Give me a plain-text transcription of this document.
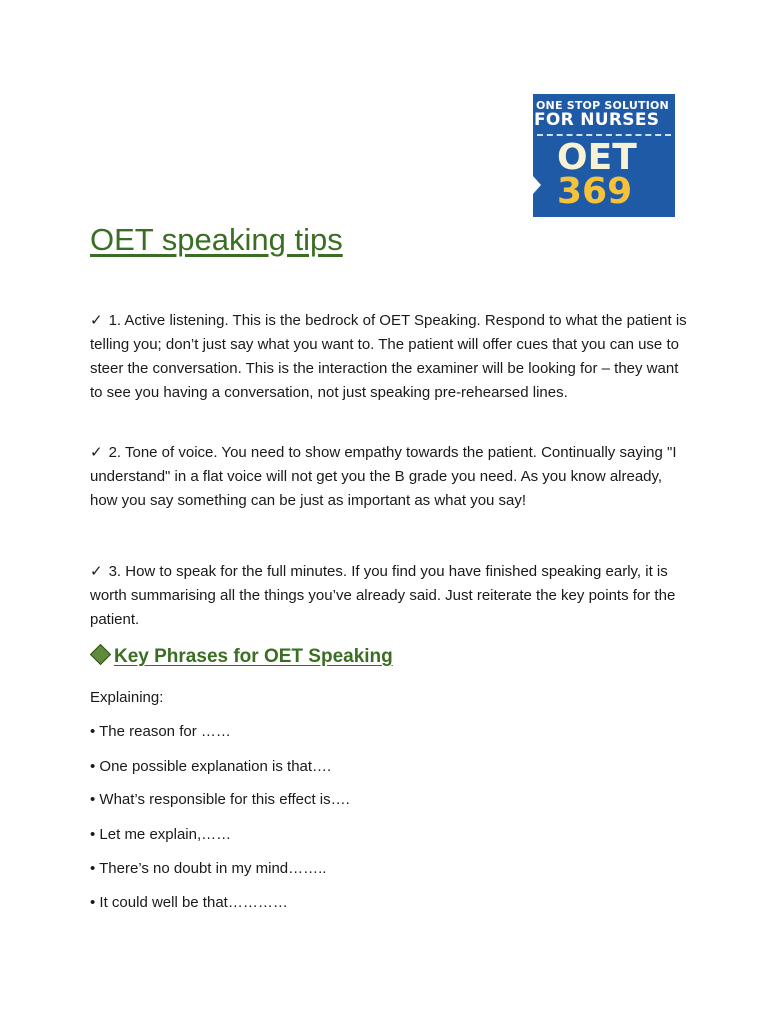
ONE STOP SOLUTION
FOR NURSES
OET
369
OET speaking tips

✓ 1. Active listening. This is the bedrock of OET Speaking. Respond to what the patient is telling you; don’t just say what you want to. The patient will offer cues that you can use to steer the conversation. This is the interaction the examiner will be looking for – they want to see you having a conversation, not just speaking pre-rehearsed lines.

✓ 2. Tone of voice. You need to show empathy towards the patient. Continually saying "I understand" in a flat voice will not get you the B grade you need. As you know already, how you say something can be just as important as what you say!

✓ 3. How to speak for the full minutes. If you find you have finished speaking early, it is worth summarising all the things you’ve already said. Just reiterate the key points for the patient.

Key Phrases for OET Speaking

Explaining:

• The reason for ……

• One possible explanation is that….

• What’s responsible for this effect is….

• Let me explain,……

• There’s no doubt in my mind……..

• It could well be that…………
